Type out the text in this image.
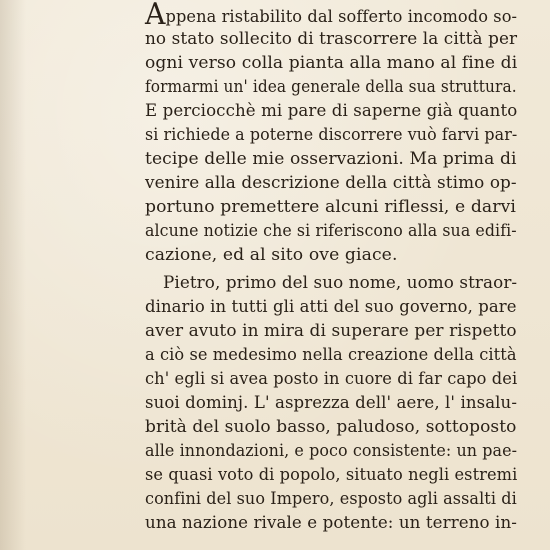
Appena ristabilito dal sofferto incomodo so-
no stato sollecito di trascorrere la città per
ogni verso colla pianta alla mano al fine di
formarmi un' idea generale della sua struttura.
E perciocchè mi pare di saperne già quanto
si richiede a poterne discorrere vuò farvi par-
tecipe delle mie osservazioni. Ma prima di
venire alla descrizione della città stimo op-
portuno premettere alcuni riflessi, e darvi
alcune notizie che si riferiscono alla sua edifi-
cazione, ed al sito ove giace.
Pietro, primo del suo nome, uomo straor-
dinario in tutti gli atti del suo governo, pare
aver avuto in mira di superare per rispetto
a ciò se medesimo nella creazione della città
ch' egli si avea posto in cuore di far capo dei
suoi dominj. L' asprezza dell' aere, l' insalu-
brità del suolo basso, paludoso, sottoposto
alle innondazioni, e poco consistente: un pae-
se quasi voto di popolo, situato negli estremi
confini del suo Impero, esposto agli assalti di
una nazione rivale e potente: un terreno in-
